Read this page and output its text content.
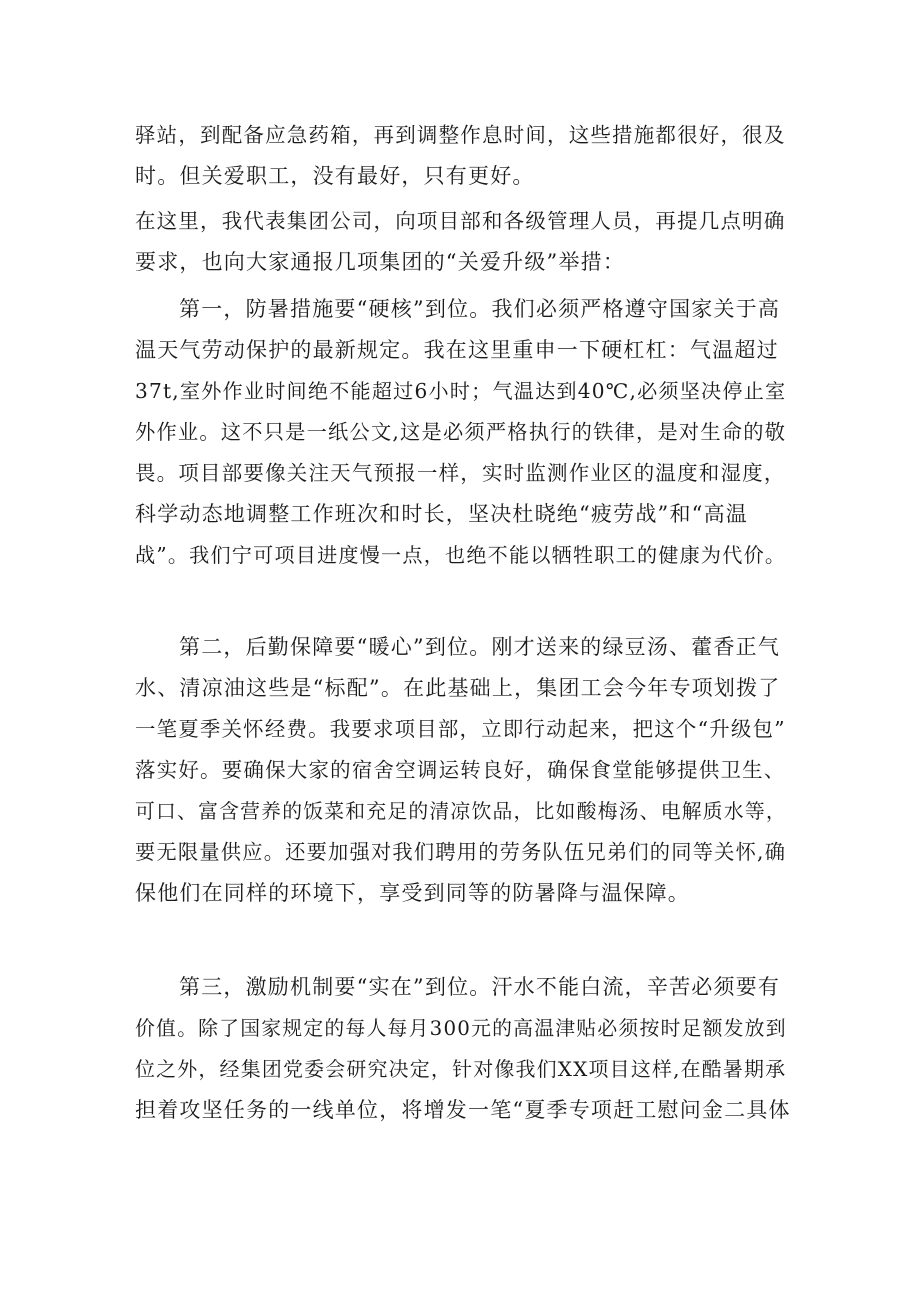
驿站，到配备应急药箱，再到调整作息时间，这些措施都很好，很及
时。但关爱职工，没有最好，只有更好。
在这里，我代表集团公司，向项目部和各级管理人员，再提几点明确
要求，也向大家通报几项集团的“关爱升级”举措：
第一，防暑措施要“硬核”到位。我们必须严格遵守国家关于高
温天气劳动保护的最新规定。我在这里重申一下硬杠杠：气温超过
37t,室外作业时间绝不能超过6小时；气温达到40℃,必须坚决停止室
外作业。这不只是一纸公文,这是必须严格执行的铁律，是对生命的敬
畏。项目部要像关注天气预报一样，实时监测作业区的温度和湿度，
科学动态地调整工作班次和时长，坚决杜晓绝“疲劳战”和“高温
战”。我们宁可项目进度慢一点，也绝不能以牺牲职工的健康为代价。
第二，后勤保障要“暖心”到位。刚才送来的绿豆汤、藿香正气
水、清凉油这些是“标配”。在此基础上，集团工会今年专项划拨了
一笔夏季关怀经费。我要求项目部，立即行动起来，把这个“升级包”
落实好。要确保大家的宿舍空调运转良好，确保食堂能够提供卫生、
可口、富含营养的饭菜和充足的清凉饮品，比如酸梅汤、电解质水等，
要无限量供应。还要加强对我们聘用的劳务队伍兄弟们的同等关怀,确
保他们在同样的环境下，享受到同等的防暑降与温保障。
第三，激励机制要“实在”到位。汗水不能白流，辛苦必须要有
价值。除了国家规定的每人每月300元的高温津贴必须按时足额发放到
位之外，经集团党委会研究决定，针对像我们XX项目这样,在酷暑期承
担着攻坚任务的一线单位，将增发一笔“夏季专项赶工慰问金二具体
